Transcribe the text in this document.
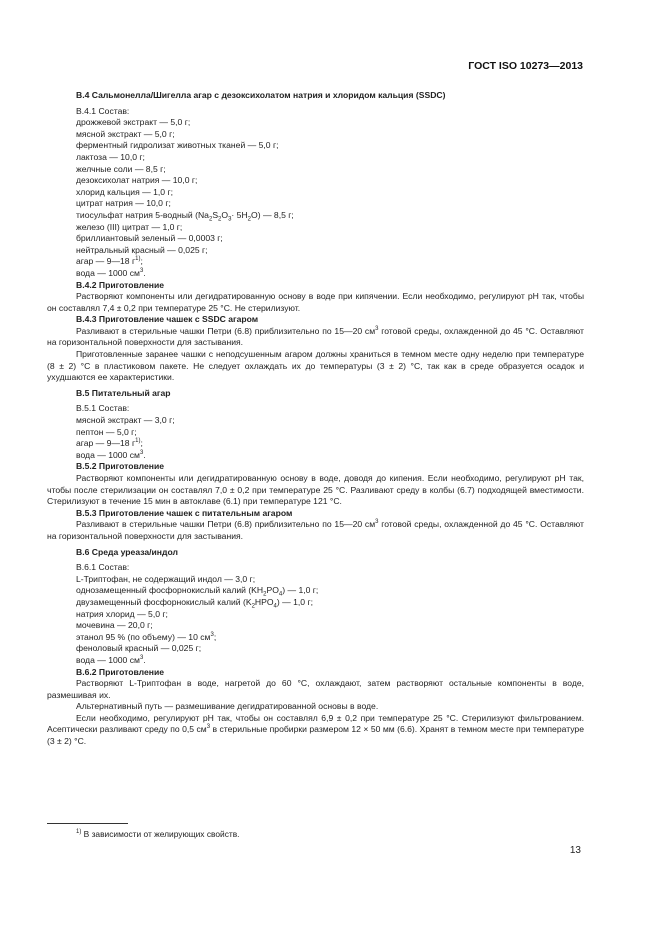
ГОСТ ISO 10273—2013

В.4 Сальмонелла/Шигелла агар с дезоксихолатом натрия и хлоридом кальция (SSDC)

В.4.1 Состав:

дрожжевой экстракт — 5,0 г;

мясной экстракт — 5,0 г;

ферментный гидролизат животных тканей — 5,0 г;

лактоза — 10,0 г;

желчные соли — 8,5 г;

дезоксихолат натрия — 10,0 г;

хлорид кальция — 1,0 г;

цитрат натрия — 10,0 г;

тиосульфат натрия 5-водный $(Na_2S_2O_3\cdot 5H_2O)$ — 8,5 г;

железо (III) цитрат — 1,0 г;

бриллиантовый зеленый — 0,0003 г;

нейтральный красный — 0,025 г;

агар — 9—18 $г^{1)}$;

вода — 1000 $см^3$.

В.4.2 Приготовление

Растворяют компоненты или дегидратированную основу в воде при кипячении. Если необходимо, регулируют pH так, чтобы он составлял 7,4 ± 0,2 при температуре 25 °С. Не стерилизуют.

В.4.3 Приготовление чашек с SSDC агаром

Разливают в стерильные чашки Петри (6.8) приблизительно по 15—20 $см^3$ готовой среды, охлажденной до 45 °С. Оставляют на горизонтальной поверхности для застывания.

Приготовленные заранее чашки с неподсушенным агаром должны храниться в темном месте одну неделю при температуре (8 ± 2) °С в пластиковом пакете. Не следует охлаждать их до температуры (3 ± 2) °С, так как в среде образуется осадок и ухудшаются ее характеристики.

В.5 Питательный агар

В.5.1 Состав:

мясной экстракт — 3,0 г;

пептон — 5,0 г;

агар — 9—18 $г^{1)}$;

вода — 1000 $см^3$.

В.5.2 Приготовление

Растворяют компоненты или дегидратированную основу в воде, доводя до кипения. Если необходимо, регулируют pH так, чтобы после стерилизации он составлял 7,0 ± 0,2 при температуре 25 °С. Разливают среду в колбы (6.7) подходящей вместимости. Стерилизуют в течение 15 мин в автоклаве (6.1) при температуре 121 °С.

В.5.3 Приготовление чашек с питательным агаром

Разливают в стерильные чашки Петри (6.8) приблизительно по 15—20 $см^3$ готовой среды, охлажденной до 45 °С. Оставляют на горизонтальной поверхности для застывания.

В.6 Среда уреаза/индол

В.6.1 Состав:

L-Триптофан, не содержащий индол — 3,0 г;

однозамещенный фосфорнокислый калий $(KH_2PO_4)$ — 1,0 г;

двузамещенный фосфорнокислый калий $(K_2HPO_4)$ — 1,0 г;

натрия хлорид — 5,0 г;

мочевина — 20,0 г;

этанол 95 % (по объему) — 10 $см^3$;

феноловый красный — 0,025 г;

вода — 1000 $см^3$.

В.6.2 Приготовление

Растворяют L-Триптофан в воде, нагретой до 60 °С, охлаждают, затем растворяют остальные компоненты в воде, размешивая их.

Альтернативный путь — размешивание дегидратированной основы в воде.

Если необходимо, регулируют pH так, чтобы он составлял 6,9 ± 0,2 при температуре 25 °С. Стерилизуют фильтрованием. Асептически разливают среду по 0,5 $см^3$ в стерильные пробирки размером 12 × 50 мм (6.6). Хранят в темном месте при температуре (3 ± 2) °С.

$^{1)}$ В зависимости от желирующих свойств.

13
